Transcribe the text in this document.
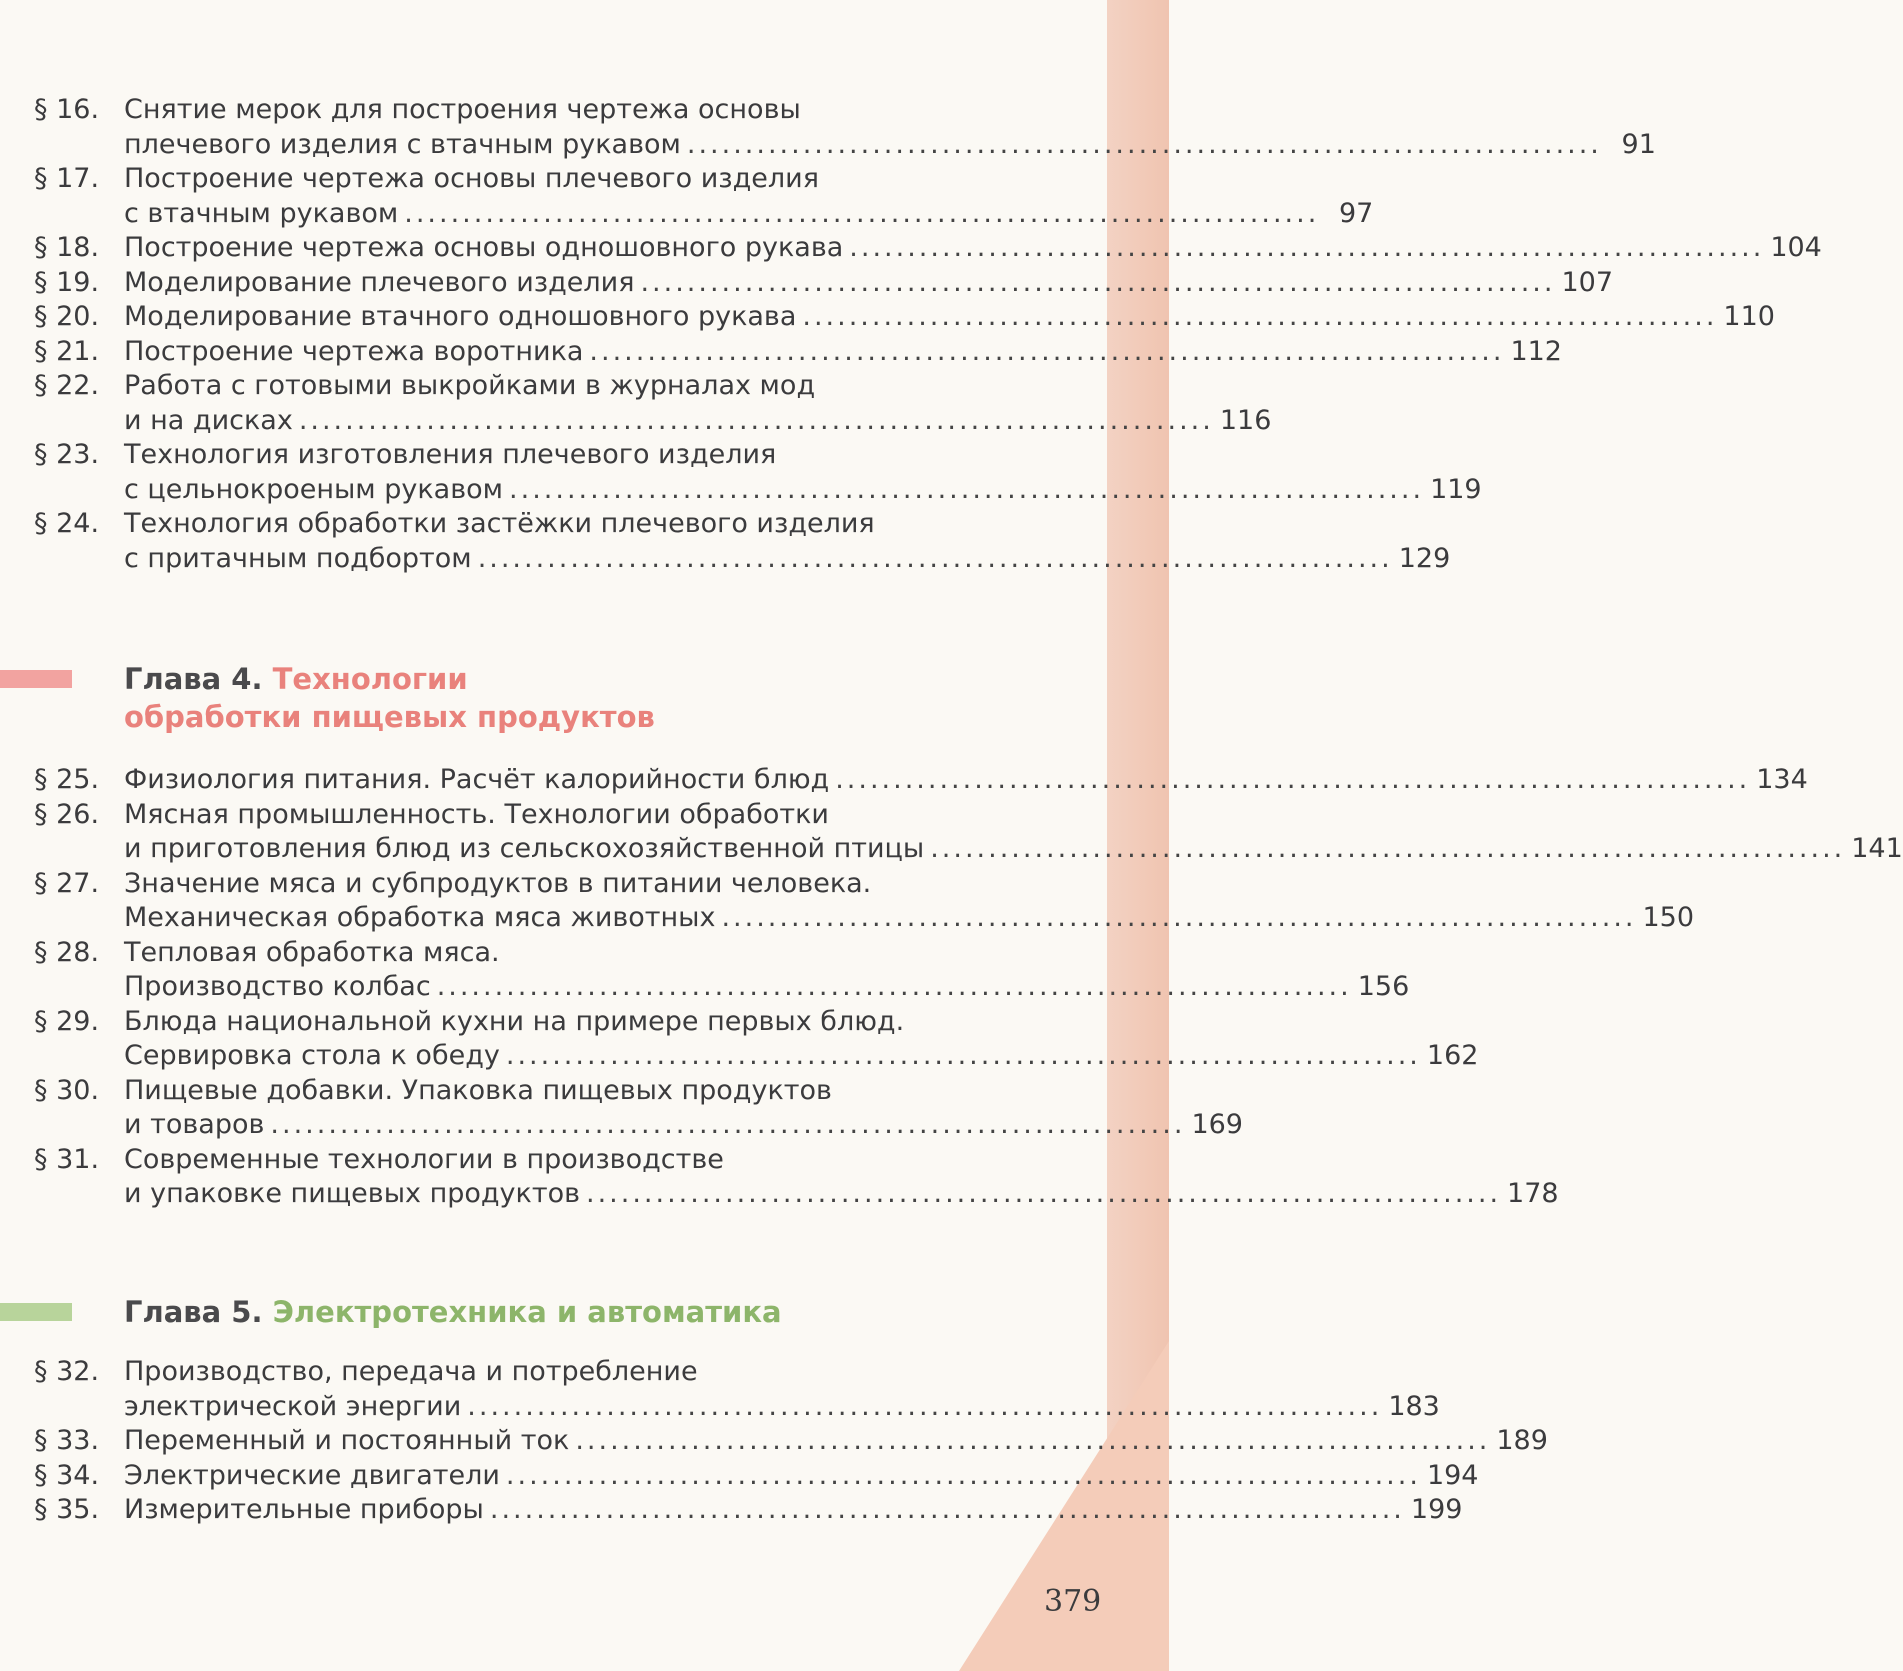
§ 16. Снятие мерок для построения чертежа основы
плечевого изделия с втачным рукавом ............................................................................... 91
§ 17. Построение чертежа основы плечевого изделия
с втачным рукавом ............................................................................... 97
§ 18. Построение чертежа основы одношовного рукава ............................................................................... 104
§ 19. Моделирование плечевого изделия ............................................................................... 107
§ 20. Моделирование втачного одношовного рукава ............................................................................... 110
§ 21. Построение чертежа воротника ............................................................................... 112
§ 22. Работа с готовыми выкройками в журналах мод
и на дисках ............................................................................... 116
§ 23. Технология изготовления плечевого изделия
с цельнокроеным рукавом ............................................................................... 119
§ 24. Технология обработки застёжки плечевого изделия
с притачным подбортом ............................................................................... 129
Глава 4. Технологии
обработки пищевых продуктов
§ 25. Физиология питания. Расчёт калорийности блюд ............................................................................... 134
§ 26. Мясная промышленность. Технологии обработки
и приготовления блюд из сельскохозяйственной птицы ............................................................................... 141
§ 27. Значение мяса и субпродуктов в питании человека.
Механическая обработка мяса животных ............................................................................... 150
§ 28. Тепловая обработка мяса.
Производство колбас ............................................................................... 156
§ 29. Блюда национальной кухни на примере первых блюд.
Сервировка стола к обеду ............................................................................... 162
§ 30. Пищевые добавки. Упаковка пищевых продуктов
и товаров ............................................................................... 169
§ 31. Современные технологии в производстве
и упаковке пищевых продуктов ............................................................................... 178
Глава 5. Электротехника и автоматика
§ 32. Производство, передача и потребление
электрической энергии ............................................................................... 183
§ 33. Переменный и постоянный ток ............................................................................... 189
§ 34. Электрические двигатели ............................................................................... 194
§ 35. Измерительные приборы ............................................................................... 199
379
